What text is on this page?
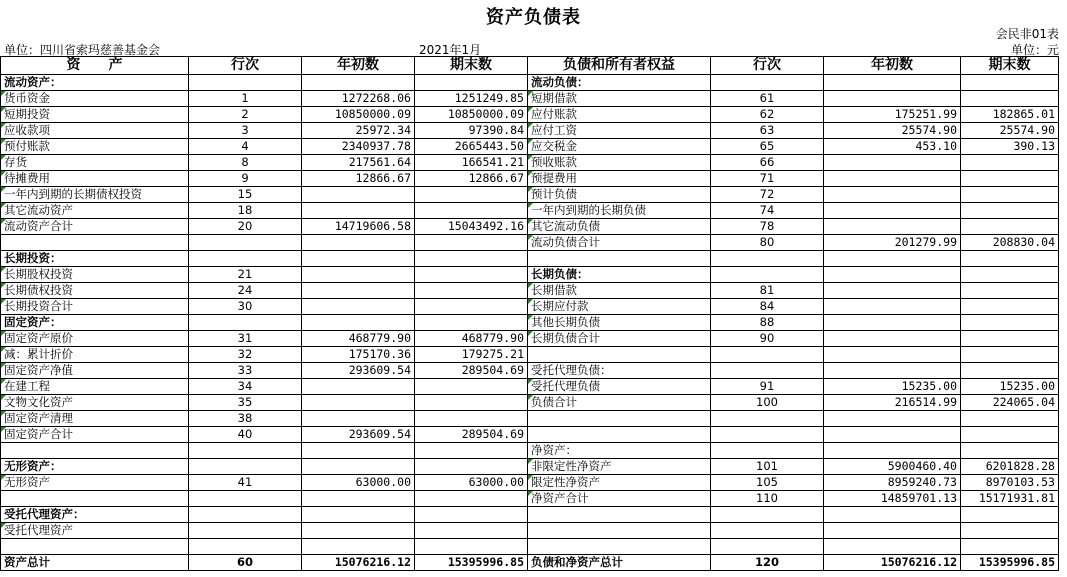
资产负债表
会民非01表
单位：四川省索玛慈善基金会	2021年1月	单位：元
资　　产	行次	年初数	期末数	负债和所有者权益	行次	年初数	期末数
流动资产：				流动负债：			
货币资金	1	1272268.06	1251249.85	短期借款	61		
短期投资	2	10850000.09	10850000.09	应付账款	62	175251.99	182865.01
应收款项	3	25972.34	97390.84	应付工资	63	25574.90	25574.90
预付账款	4	2340937.78	2665443.50	应交税金	65	453.10	390.13
存货	8	217561.64	166541.21	预收账款	66		
待摊费用	9	12866.67	12866.67	预提费用	71		
一年内到期的长期债权投资	15			预计负债	72		
其它流动资产	18			一年内到期的长期负债	74		
流动资产合计	20	14719606.58	15043492.16	其它流动负债	78		
				流动负债合计	80	201279.99	208830.04
长期投资：							
长期股权投资	21			长期负债：			
长期债权投资	24			长期借款	81		
长期投资合计	30			长期应付款	84		
固定资产：				其他长期负债	88		
固定资产原价	31	468779.90	468779.90	长期负债合计	90		
减：累计折价	32	175170.36	179275.21				
固定资产净值	33	293609.54	289504.69	受托代理负债：			
在建工程	34			受托代理负债	91	15235.00	15235.00
文物文化资产	35			负债合计	100	216514.99	224065.04
固定资产清理	38						
固定资产合计	40	293609.54	289504.69				
				净资产：			
无形资产：				非限定性净资产	101	5900460.40	6201828.28
无形资产	41	63000.00	63000.00	限定性净资产	105	8959240.73	8970103.53
				净资产合计	110	14859701.13	15171931.81
受托代理资产：							
受托代理资产							

资产总计	60	15076216.12	15395996.85	负债和净资产总计	120	15076216.12	15395996.85
